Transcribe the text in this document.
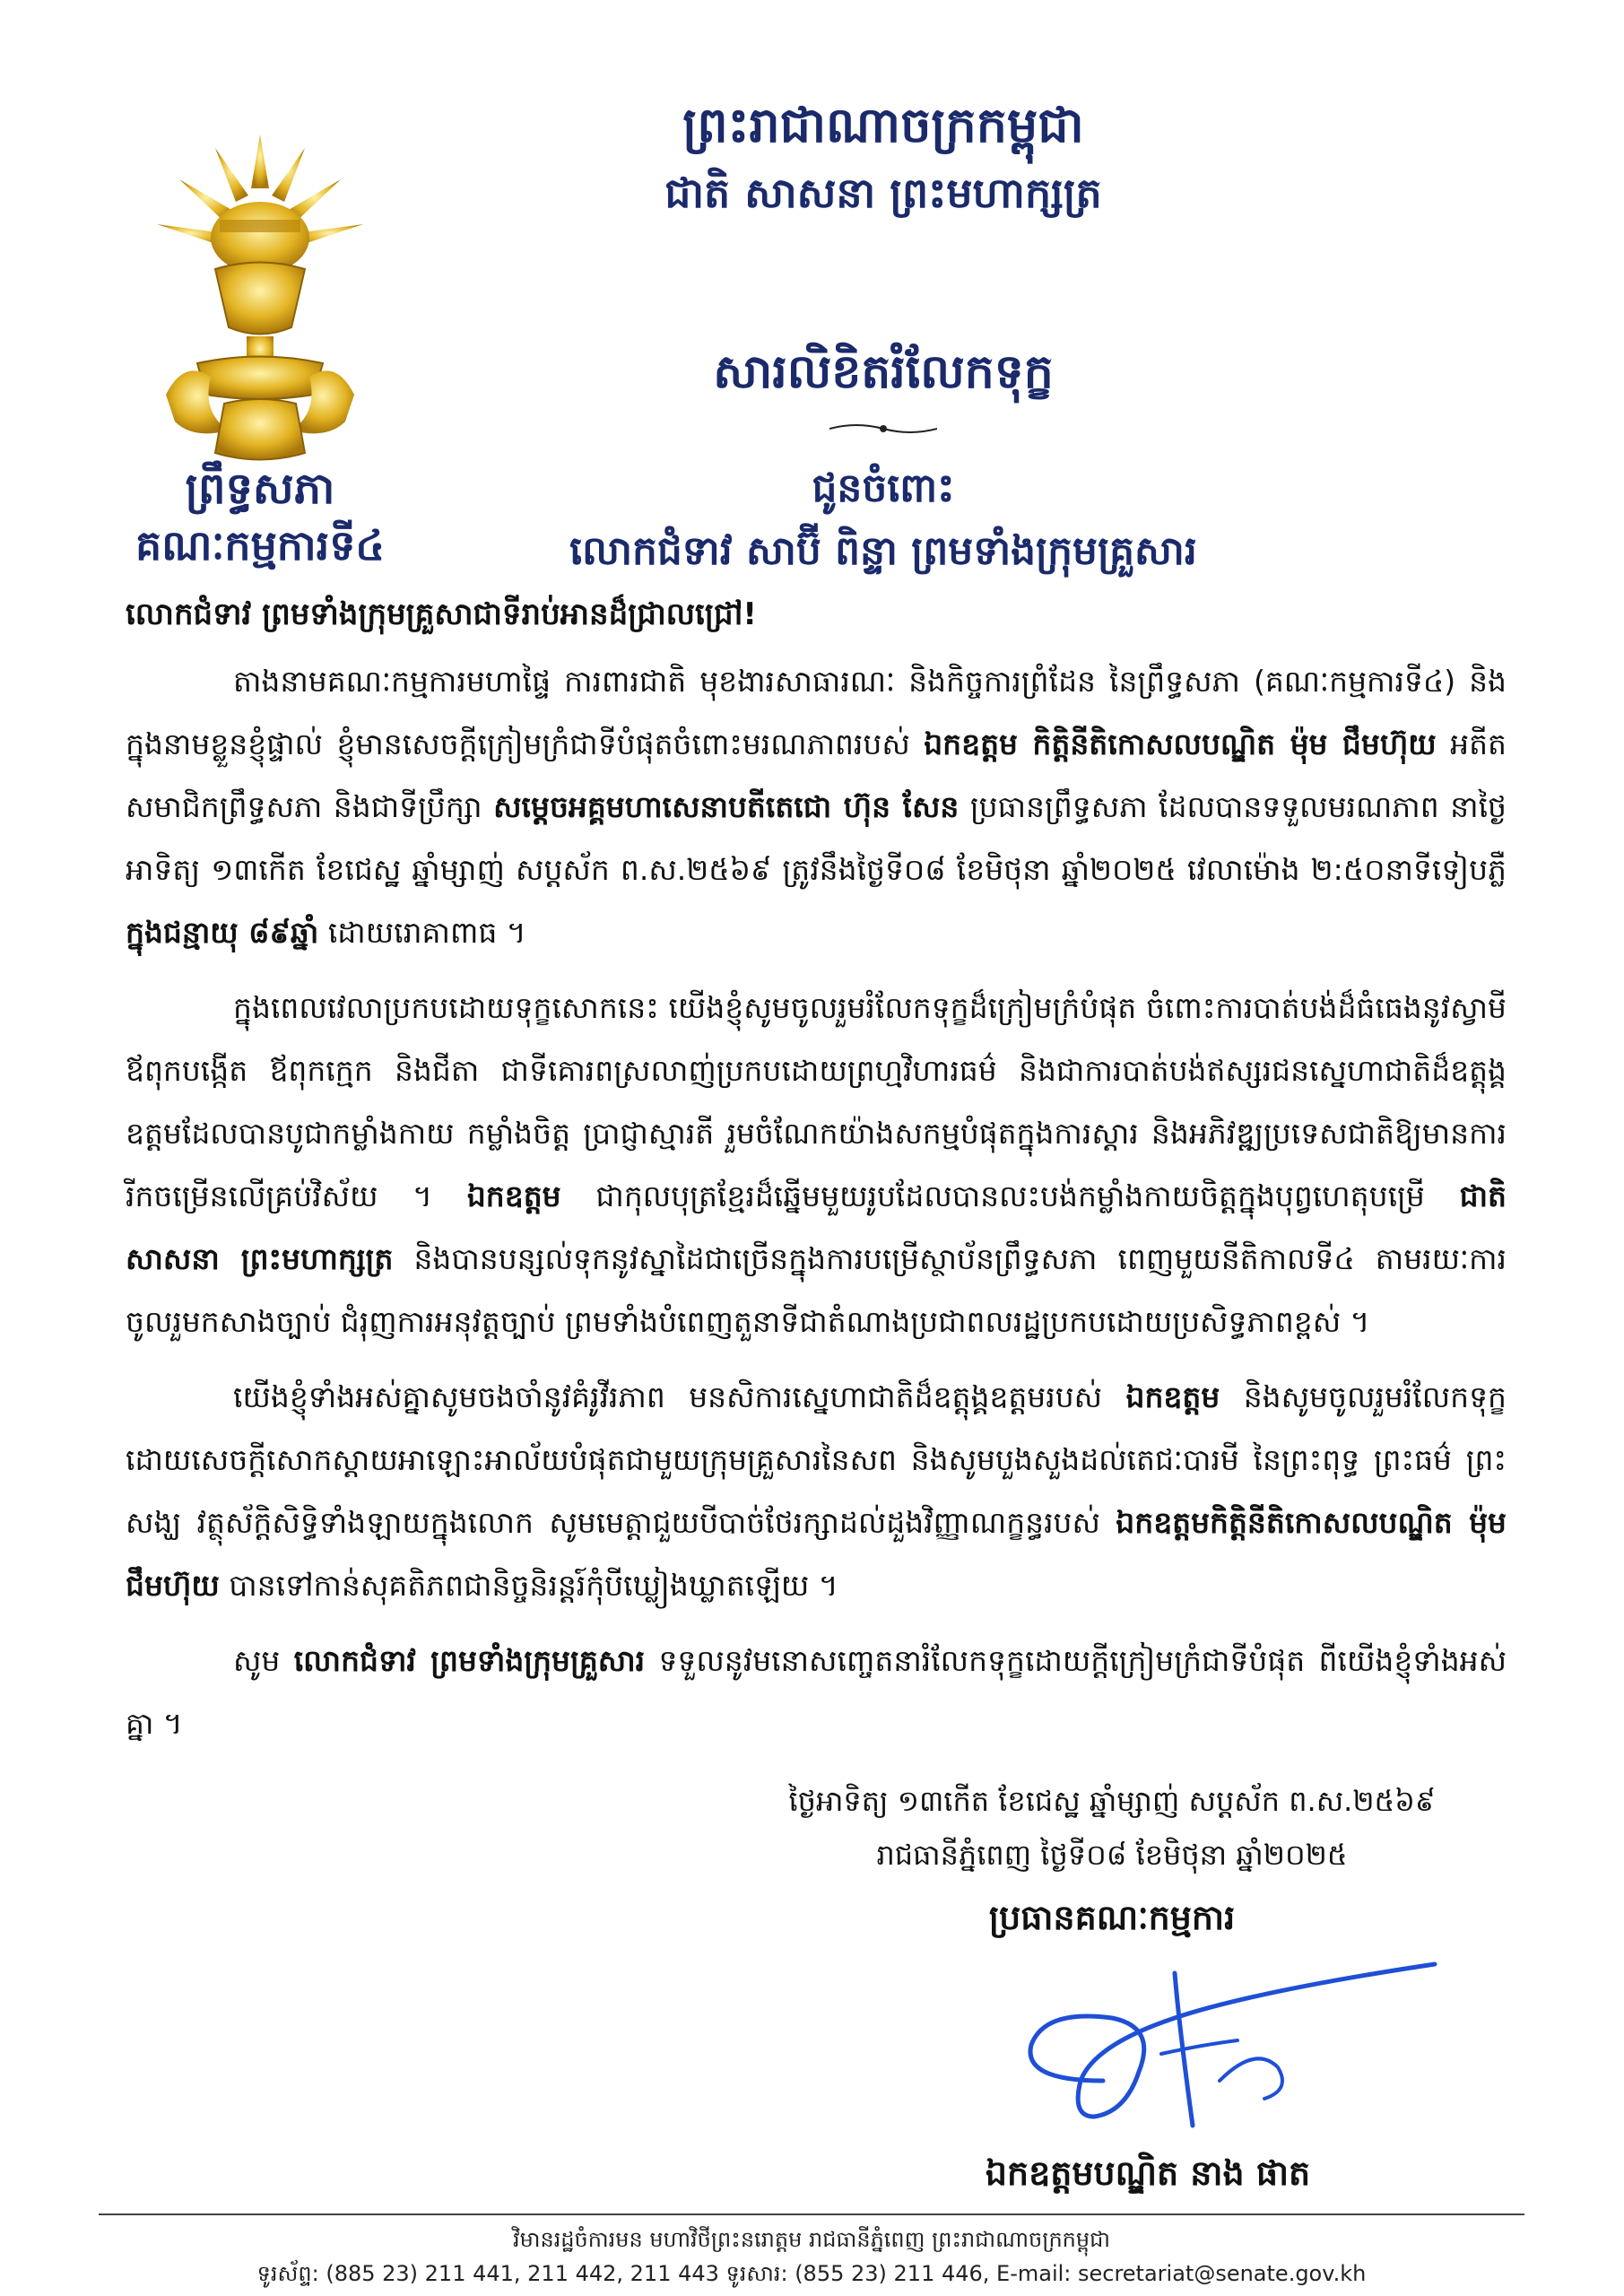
ព្រះរាជាណាចក្រកម្ពុជា
ជាតិ សាសនា ព្រះមហាក្សត្រ
ព្រឹទ្ធសភា
គណៈកម្មការទី៤
សារលិខិតរំលែកទុក្ខ
ជូនចំពោះ
លោកជំទាវ សាប៊ី ពិន្ទា ព្រមទាំងក្រុមគ្រួសារ
លោកជំទាវ ព្រមទាំងក្រុមគ្រួសាជាទីរាប់អានដ៏ជ្រាលជ្រៅ!

តាងនាមគណៈកម្មការមហាផ្ទៃ ការពារជាតិ មុខងារសាធារណៈ និងកិច្ចការព្រំដែន នៃព្រឹទ្ធសភា (គណៈកម្មការទី៤) និងក្នុងនាមខ្លួនខ្ញុំផ្ទាល់ ខ្ញុំមានសេចក្ដីក្រៀមក្រំជាទីបំផុតចំពោះមរណភាពរបស់ ឯកឧត្តម កិត្តិនីតិកោសលបណ្ឌិត ម៉ុម ជឹមហ៊ុយ អតីតសមាជិកព្រឹទ្ធសភា និងជាទីប្រឹក្សា សម្ដេចអគ្គមហាសេនាបតីតេជោ ហ៊ុន សែន ប្រធានព្រឹទ្ធសភា ដែលបានទទួលមរណភាព នាថ្ងៃអាទិត្យ ១៣កើត ខែជេស្ឋ ឆ្នាំម្សាញ់ សប្តស័ក ព.ស.២៥៦៩ ត្រូវនឹងថ្ងៃទី០៨ ខែមិថុនា ឆ្នាំ២០២៥ វេលាម៉ោង ២:៥០នាទីទៀបភ្លឺ ក្នុងជន្មាយុ ៨៩ឆ្នាំ ដោយរោគាពាធ ។

ក្នុងពេលវេលាប្រកបដោយទុក្ខសោកនេះ យើងខ្ញុំសូមចូលរួមរំលែកទុក្ខដ៏ក្រៀមក្រំបំផុត ចំពោះការបាត់បង់ដ៏ធំធេងនូវស្វាមី ឪពុកបង្កើត ឪពុកក្មេក និងជីតា ជាទីគោរពស្រលាញ់ប្រកបដោយព្រហ្មវិហារធម៌ និងជាការបាត់បង់ឥស្សរជនស្នេហាជាតិដ៏ឧត្តុង្គឧត្តមដែលបានបូជាកម្លាំងកាយ កម្លាំងចិត្ត ប្រាជ្ញាស្មារតី រួមចំណែកយ៉ាងសកម្មបំផុតក្នុងការស្តារ និងអភិវឌ្ឍប្រទេសជាតិឱ្យមានការរីកចម្រើនលើគ្រប់វិស័យ ។ ឯកឧត្តម ជាកុលបុត្រខ្មែរដ៏ឆ្នើមមួយរូបដែលបានលះបង់កម្លាំងកាយចិត្តក្នុងបុព្វហេតុបម្រើ ជាតិ សាសនា ព្រះមហាក្សត្រ និងបានបន្សល់ទុកនូវស្នាដៃជាច្រើនក្នុងការបម្រើស្ថាប័នព្រឹទ្ធសភា ពេញមួយនីតិកាលទី៤ តាមរយៈការចូលរួមកសាងច្បាប់ ជំរុញការអនុវត្តច្បាប់ ព្រមទាំងបំពេញតួនាទីជាតំណាងប្រជាពលរដ្ឋប្រកបដោយប្រសិទ្ធភាពខ្ពស់ ។

យើងខ្ញុំទាំងអស់គ្នាសូមចងចាំនូវគំរូវីរភាព មនសិការស្នេហាជាតិដ៏ឧត្តុង្គឧត្តមរបស់ ឯកឧត្តម និងសូមចូលរួមរំលែកទុក្ខដោយសេចក្ដីសោកស្ដាយអាឡោះអាល័យបំផុតជាមួយក្រុមគ្រួសារនៃសព និងសូមបួងសួងដល់តេជៈបារមី នៃព្រះពុទ្ធ ព្រះធម៌ ព្រះសង្ឃ វត្ថុស័ក្តិសិទ្ធិទាំងឡាយក្នុងលោក សូមមេត្តាជួយបីបាច់ថែរក្សាដល់ដួងវិញ្ញាណក្ខន្ធរបស់ ឯកឧត្តមកិត្តិនីតិកោសលបណ្ឌិត ម៉ុម ជឹមហ៊ុយ បានទៅកាន់សុគតិភពជានិច្ចនិរន្តរ៍កុំបីឃ្លៀងឃ្លាតឡើយ ។

សូម លោកជំទាវ ព្រមទាំងក្រុមគ្រួសារ ទទួលនូវមនោសញ្ចេតនារំលែកទុក្ខដោយក្ដីក្រៀមក្រំជាទីបំផុត ពីយើងខ្ញុំទាំងអស់គ្នា ។

ថ្ងៃអាទិត្យ ១៣កើត ខែជេស្ឋ ឆ្នាំម្សាញ់ សប្តស័ក ព.ស.២៥៦៩
រាជធានីភ្នំពេញ ថ្ងៃទី០៨ ខែមិថុនា ឆ្នាំ២០២៥
ប្រធានគណៈកម្មការ
ឯកឧត្តមបណ្ឌិត នាង ផាត
វិមានរដ្ឋចំការមន មហាវិថីព្រះនរោត្តម រាជធានីភ្នំពេញ ព្រះរាជាណាចក្រកម្ពុជា
ទូរស័ព្ទ: (885 23) 211 441, 211 442, 211 443 ទូរសារ: (855 23) 211 446, E-mail: secretariat@senate.gov.kh
